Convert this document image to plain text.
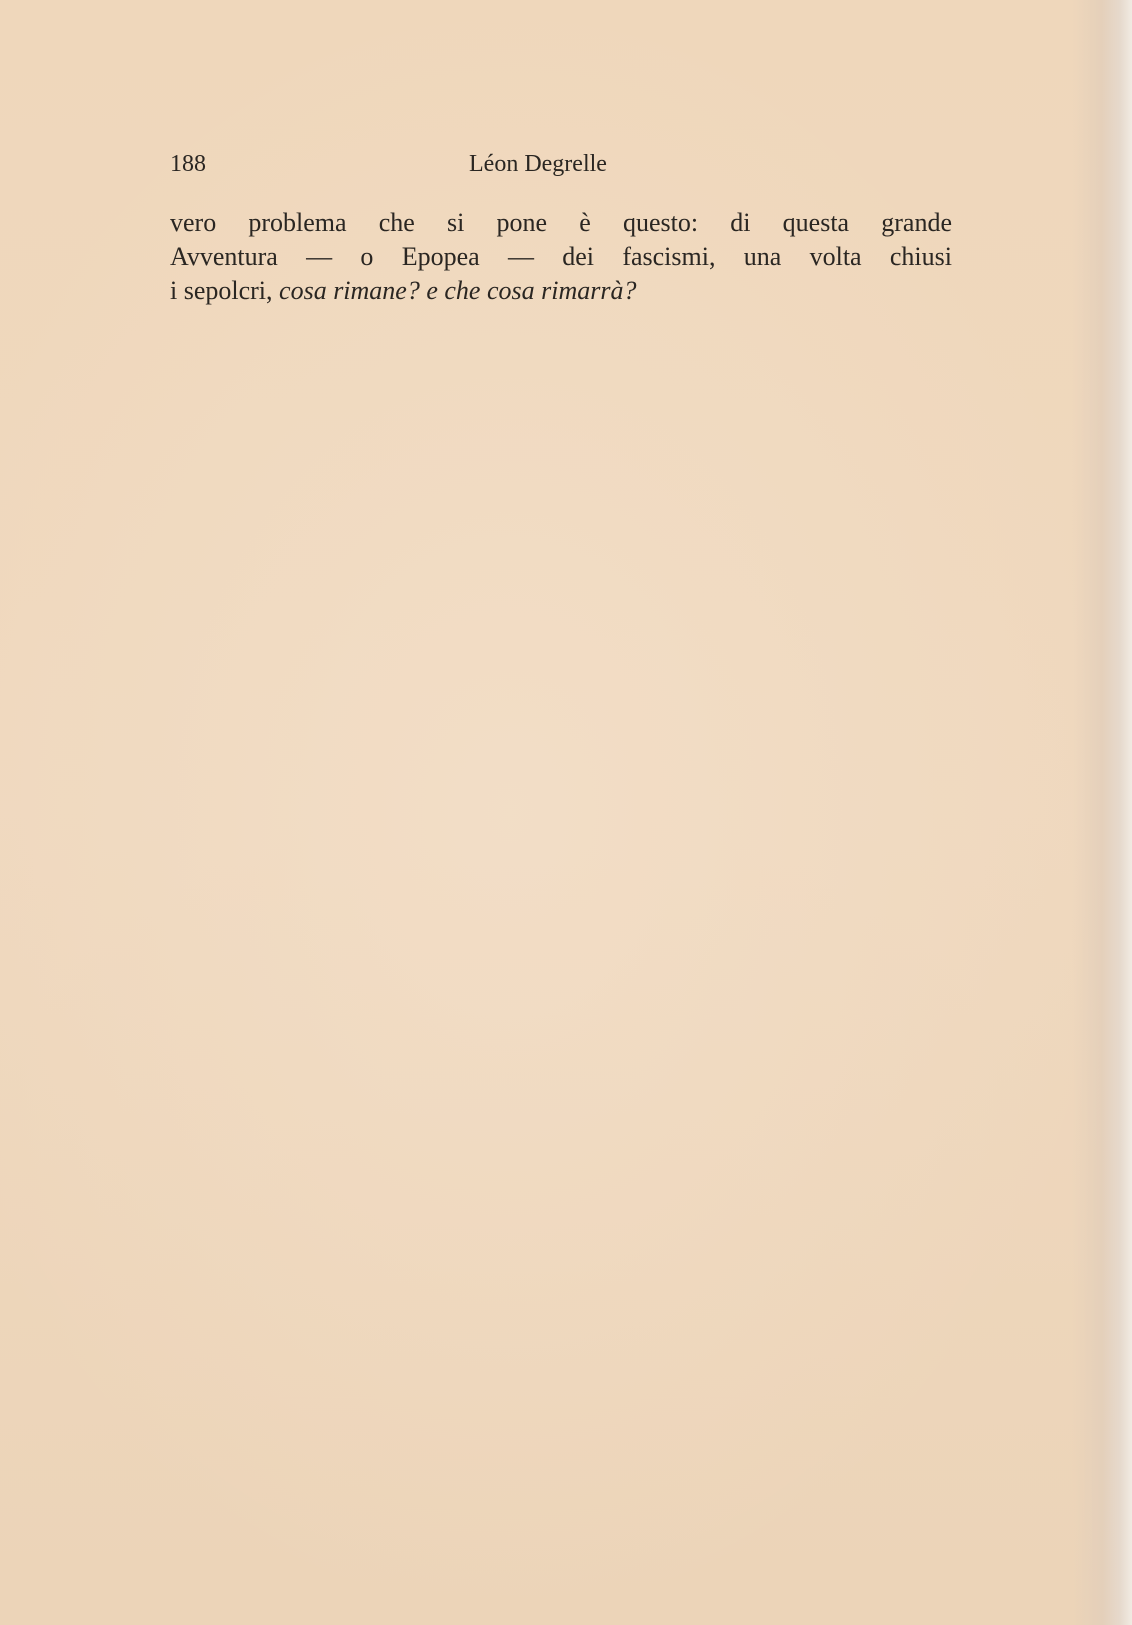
188	Léon Degrelle
vero problema che si pone è questo: di questa grande
Avventura — o Epopea — dei fascismi, una volta chiusi
i sepolcri, cosa rimane? e che cosa rimarrà?
